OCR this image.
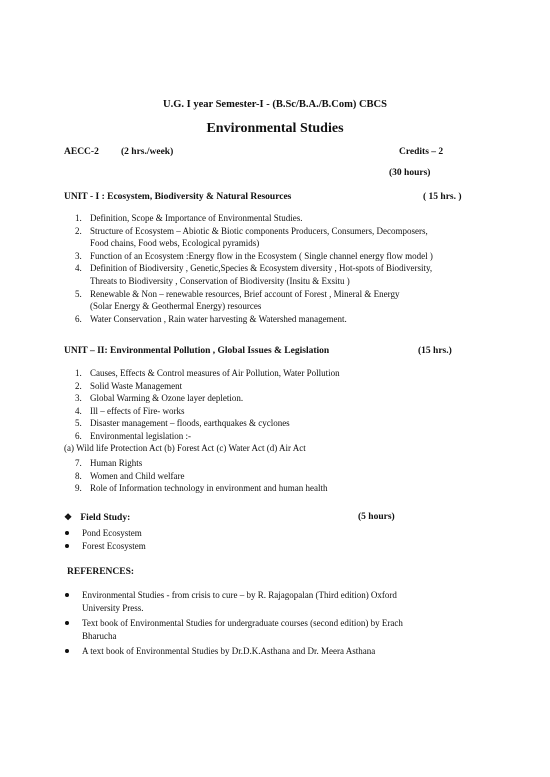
U.G. I year Semester-I - (B.Sc/B.A./B.Com) CBCS
Environmental Studies
AECC-2 (2 hrs./week)	Credits – 2
(30 hours)
UNIT - I : Ecosystem, Biodiversity & Natural Resources	( 15 hrs. )
1. Definition, Scope & Importance of Environmental Studies.
2. Structure of Ecosystem – Abiotic & Biotic components Producers, Consumers, Decomposers,
Food chains, Food webs, Ecological pyramids)
3. Function of an Ecosystem :Energy flow in the Ecosystem ( Single channel energy flow model )
4. Definition of Biodiversity , Genetic,Species & Ecosystem diversity , Hot-spots of Biodiversity,
Threats to Biodiversity , Conservation of Biodiversity (Insitu & Exsitu )
5. Renewable & Non – renewable resources, Brief account of Forest , Mineral & Energy
(Solar Energy & Geothermal Energy) resources
6. Water Conservation , Rain water harvesting & Watershed management.
UNIT – II: Environmental Pollution , Global Issues & Legislation	(15 hrs.)
1. Causes, Effects & Control measures of Air Pollution, Water Pollution
2. Solid Waste Management
3. Global Warming & Ozone layer depletion.
4. Ill – effects of Fire- works
5. Disaster management – floods, earthquakes & cyclones
6. Environmental legislation :-
(a) Wild life Protection Act (b) Forest Act (c) Water Act (d) Air Act
7. Human Rights
8. Women and Child welfare
9. Role of Information technology in environment and human health
❖ Field Study:	(5 hours)
Pond Ecosystem
Forest Ecosystem
REFERENCES:
Environmental Studies - from crisis to cure – by R. Rajagopalan (Third edition) Oxford
University Press.
Text book of Environmental Studies for undergraduate courses (second edition) by Erach
Bharucha
A text book of Environmental Studies by Dr.D.K.Asthana and Dr. Meera Asthana
